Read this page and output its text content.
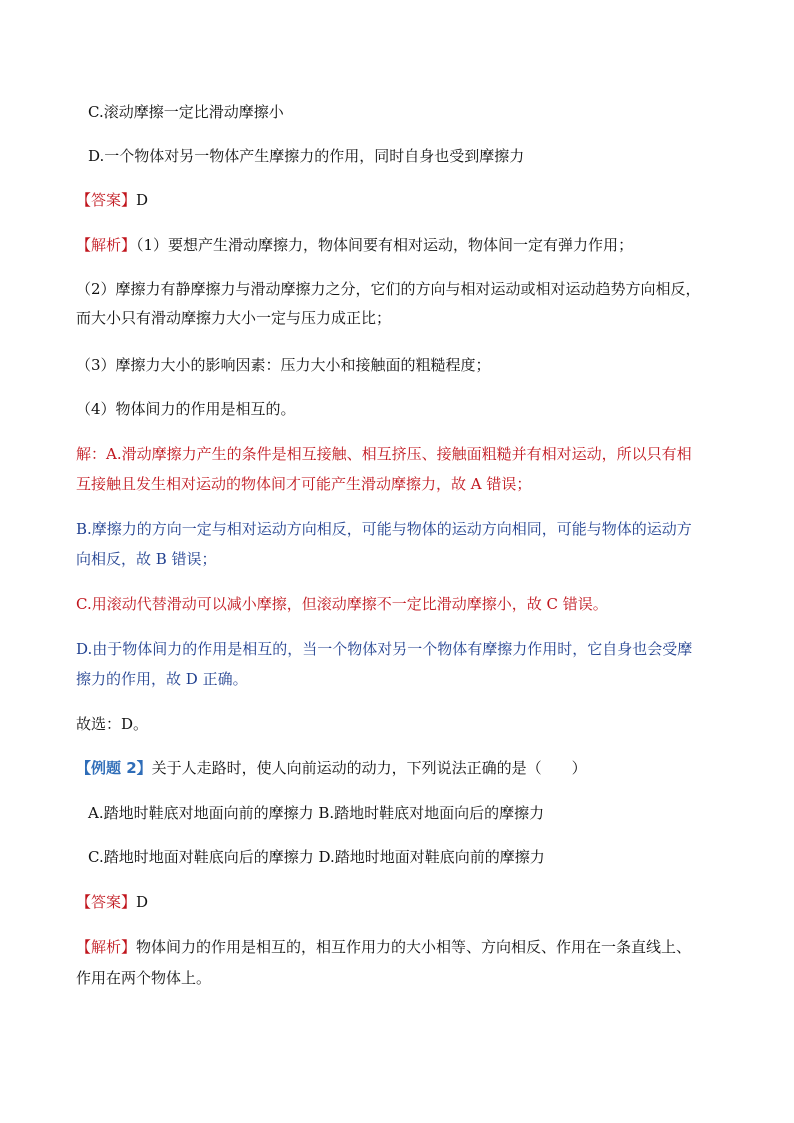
C.滚动摩擦一定比滑动摩擦小
D.一个物体对另一物体产生摩擦力的作用，同时自身也受到摩擦力
【答案】D
【解析】（1）要想产生滑动摩擦力，物体间要有相对运动，物体间一定有弹力作用；
（2）摩擦力有静摩擦力与滑动摩擦力之分，它们的方向与相对运动或相对运动趋势方向相反，
而大小只有滑动摩擦力大小一定与压力成正比；
（3）摩擦力大小的影响因素：压力大小和接触面的粗糙程度；
（4）物体间力的作用是相互的。
解：A.滑动摩擦力产生的条件是相互接触、相互挤压、接触面粗糙并有相对运动，所以只有相
互接触且发生相对运动的物体间才可能产生滑动摩擦力，故 A 错误；
B.摩擦力的方向一定与相对运动方向相反，可能与物体的运动方向相同，可能与物体的运动方
向相反，故 B 错误；
C.用滚动代替滑动可以减小摩擦，但滚动摩擦不一定比滑动摩擦小，故 C 错误。
D.由于物体间力的作用是相互的，当一个物体对另一个物体有摩擦力作用时，它自身也会受摩
擦力的作用，故 D 正确。
故选：D。
【例题 2】关于人走路时，使人向前运动的动力，下列说法正确的是（　　）
A.踏地时鞋底对地面向前的摩擦力 B.踏地时鞋底对地面向后的摩擦力
C.踏地时地面对鞋底向后的摩擦力 D.踏地时地面对鞋底向前的摩擦力
【答案】D
【解析】物体间力的作用是相互的，相互作用力的大小相等、方向相反、作用在一条直线上、
作用在两个物体上。
